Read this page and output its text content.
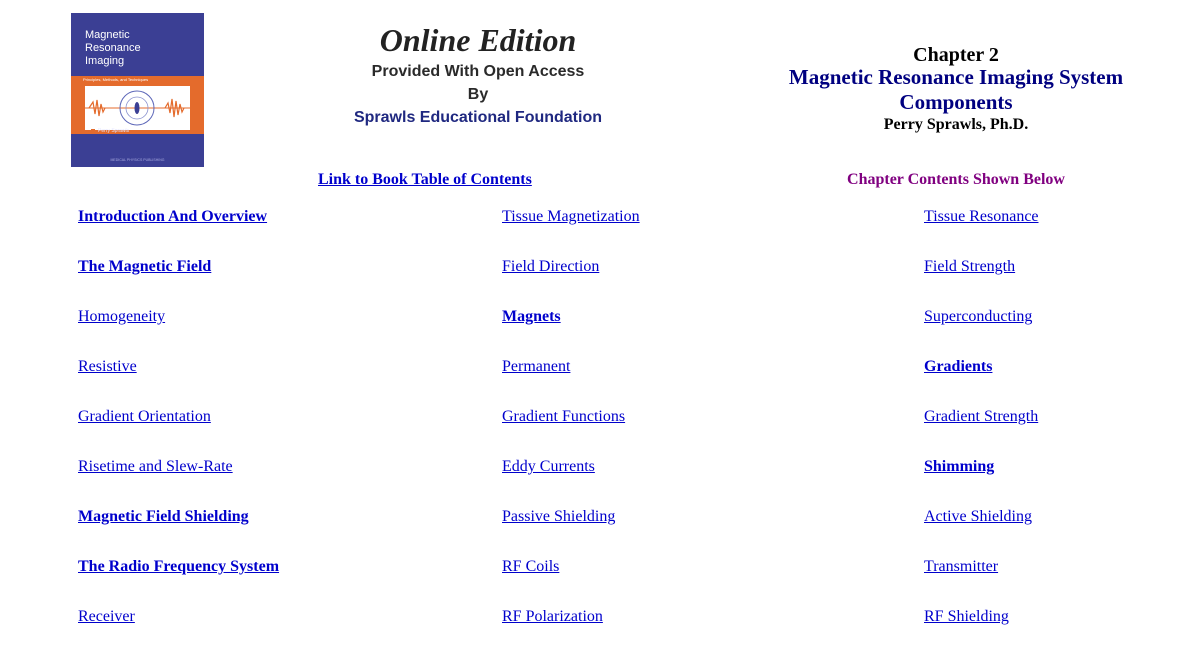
Magnetic
Resonance
Imaging
Principles, Methods, and Techniques
Perry Sprawls
MEDICAL PHYSICS PUBLISHING
Online Edition
Provided With Open Access
By
Sprawls Educational Foundation
Chapter 2
Magnetic Resonance Imaging System Components
Perry Sprawls, Ph.D.
Link to Book Table of Contents	Chapter Contents Shown Below
Introduction And Overview	Tissue Magnetization	Tissue Resonance
The Magnetic Field	Field Direction	Field Strength
Homogeneity	Magnets	Superconducting
Resistive	Permanent	Gradients
Gradient Orientation	Gradient Functions	Gradient Strength
Risetime and Slew-Rate	Eddy Currents	Shimming
Magnetic Field Shielding	Passive Shielding	Active Shielding
The Radio Frequency System	RF Coils	Transmitter
Receiver	RF Polarization	RF Shielding
